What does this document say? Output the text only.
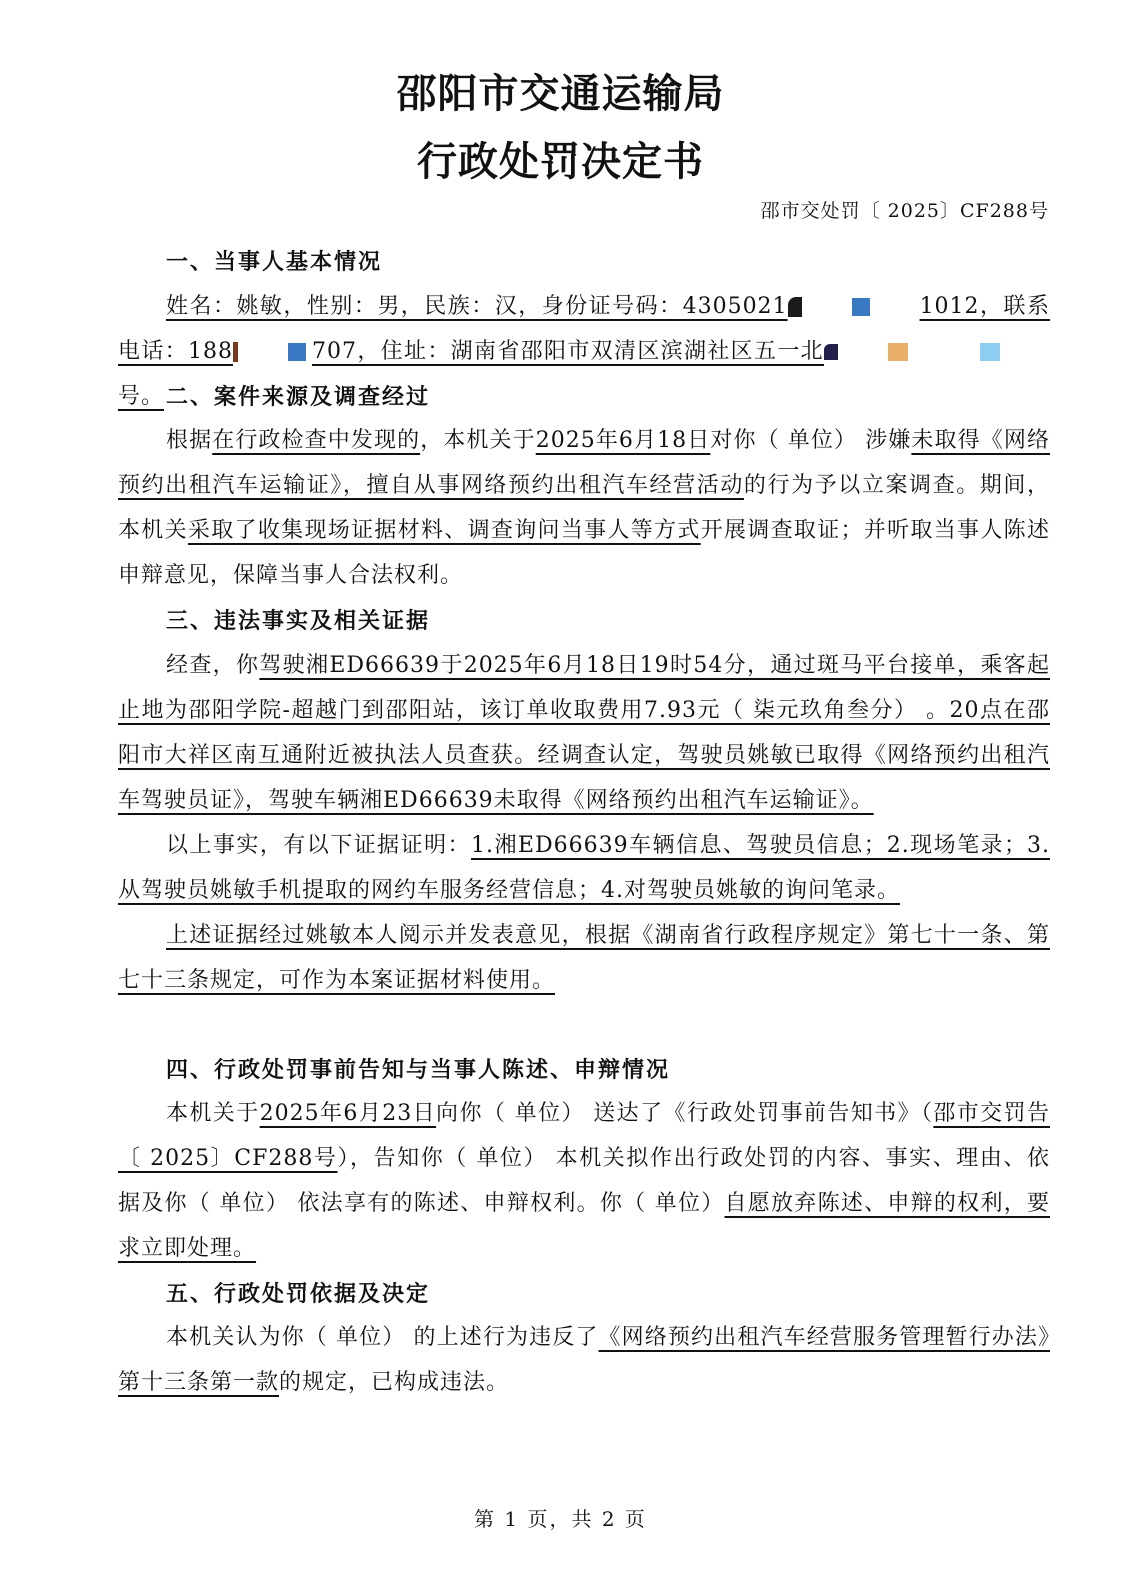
邵阳市交通运输局
行政处罚决定书
邵市交处罚〔 2025〕CF288号

一、当事人基本情况

姓名：姚敏，性别：男，民族：汉，身份证号码：4305021	1012，联系电话：188	707，住址：湖南省邵阳市双清区滨湖社区五一北号。 二、案件来源及调查经过

根据在行政检查中发现的，本机关于2025年6月18日对你（ 单位） 涉嫌未取得《网络预约出租汽车运输证》，擅自从事网络预约出租汽车经营活动的行为予以立案调查。期间，本机关采取了收集现场证据材料、调查询问当事人等方式开展调查取证；并听取当事人陈述申辩意见，保障当事人合法权利。

三、违法事实及相关证据

经查，你驾驶湘ED66639于2025年6月18日19时54分，通过斑马平台接单，乘客起止地为邵阳学院-超越门到邵阳站，该订单收取费用7.93元（ 柒元玖角叁分） 。20点在邵阳市大祥区南互通附近被执法人员查获。经调查认定，驾驶员姚敏已取得《网络预约出租汽车驾驶员证》，驾驶车辆湘ED66639未取得《网络预约出租汽车运输证》。

以上事实，有以下证据证明：1.湘ED66639车辆信息、驾驶员信息；2.现场笔录；3.从驾驶员姚敏手机提取的网约车服务经营信息；4.对驾驶员姚敏的询问笔录。

上述证据经过姚敏本人阅示并发表意见，根据《湖南省行政程序规定》第七十一条、第七十三条规定，可作为本案证据材料使用。

四、行政处罚事前告知与当事人陈述、申辩情况

本机关于2025年6月23日向你（ 单位） 送达了《行政处罚事前告知书》（邵市交罚告〔 2025〕CF288号），告知你（ 单位） 本机关拟作出行政处罚的内容、事实、理由、依据及你（ 单位） 依法享有的陈述、申辩权利。你（ 单位）自愿放弃陈述、申辩的权利，要求立即处理。

五、行政处罚依据及决定

本机关认为你（ 单位） 的上述行为违反了《网络预约出租汽车经营服务管理暂行办法》第十三条第一款的规定，已构成违法。

第 1 页，共 2 页
